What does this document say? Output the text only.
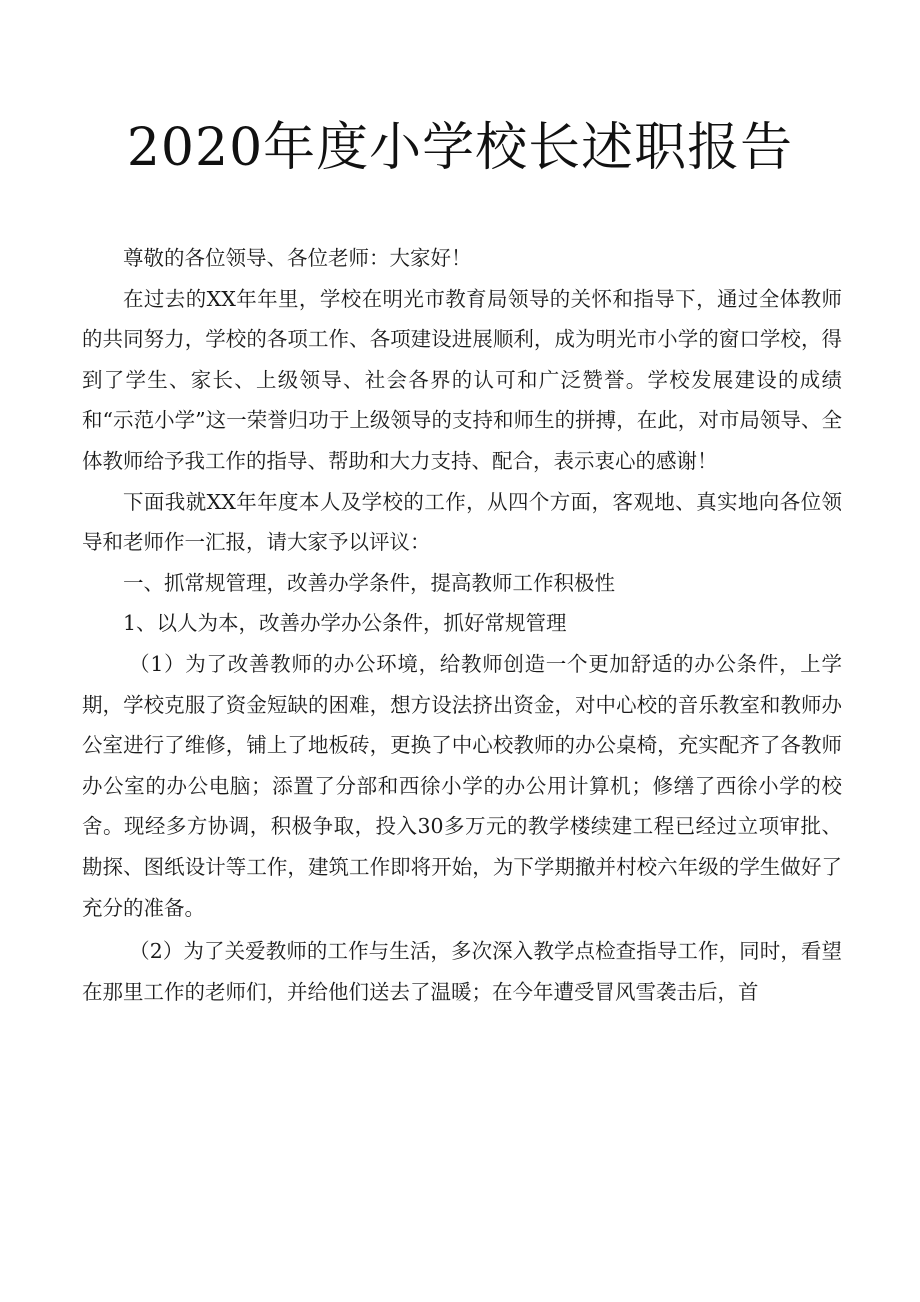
2020年度小学校长述职报告

尊敬的各位领导、各位老师：大家好！

在过去的XX年年里，学校在明光市教育局领导的关怀和指导下，通过全体教师的共同努力，学校的各项工作、各项建设进展顺利，成为明光市小学的窗口学校，得到了学生、家长、上级领导、社会各界的认可和广泛赞誉。学校发展建设的成绩和“示范小学”这一荣誉归功于上级领导的支持和师生的拼搏，在此，对市局领导、全体教师给予我工作的指导、帮助和大力支持、配合，表示衷心的感谢！

下面我就XX年年度本人及学校的工作，从四个方面，客观地、真实地向各位领导和老师作一汇报，请大家予以评议：

一、抓常规管理，改善办学条件，提高教师工作积极性

1、以人为本，改善办学办公条件，抓好常规管理

（1）为了改善教师的办公环境，给教师创造一个更加舒适的办公条件，上学期，学校克服了资金短缺的困难，想方设法挤出资金，对中心校的音乐教室和教师办公室进行了维修，铺上了地板砖，更换了中心校教师的办公桌椅，充实配齐了各教师办公室的办公电脑；添置了分部和西徐小学的办公用计算机；修缮了西徐小学的校舍。现经多方协调，积极争取，投入30多万元的教学楼续建工程已经过立项审批、勘探、图纸设计等工作，建筑工作即将开始，为下学期撤并村校六年级的学生做好了充分的准备。

（2）为了关爱教师的工作与生活，多次深入教学点检查指导工作，同时，看望在那里工作的老师们，并给他们送去了温暖；在今年遭受冒风雪袭击后，首
